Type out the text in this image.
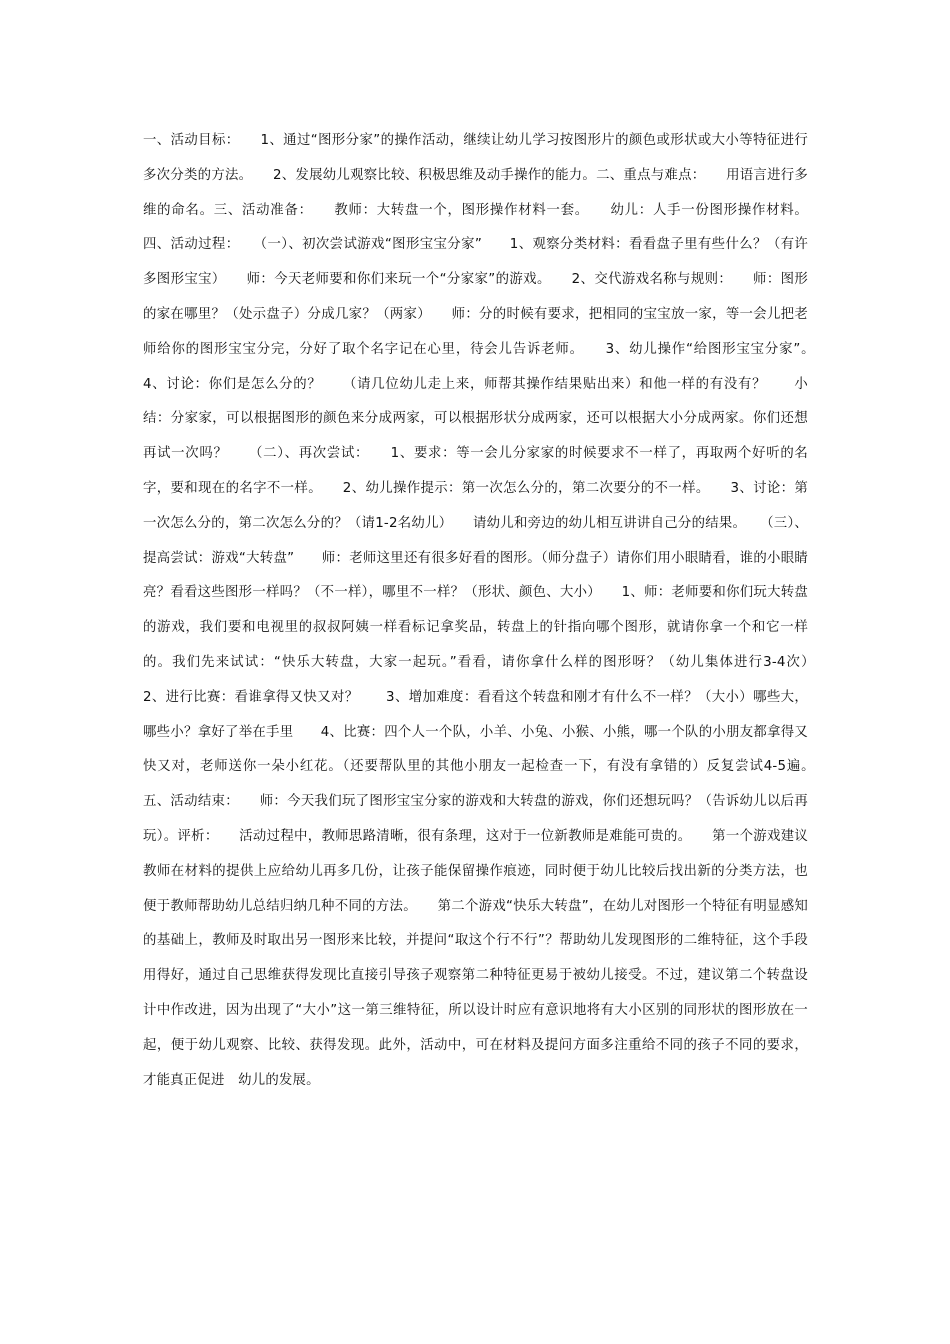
一、活动目标：　　1、通过“图形分家”的操作活动，继续让幼儿学习按图形片的颜色或形状或大小等特征进行多次分类的方法。　　2、发展幼儿观察比较、积极思维及动手操作的能力。二、重点与难点：　　用语言进行多维的命名。三、活动准备：　　教师：大转盘一个，图形操作材料一套。　　幼儿：人手一份图形操作材料。四、活动过程：　　（一）、初次尝试游戏“图形宝宝分家”　　1、观察分类材料：看看盘子里有些什么？（有许多图形宝宝）　　师：今天老师要和你们来玩一个“分家家”的游戏。　　2、交代游戏名称与规则：　　师：图形的家在哪里？（处示盘子）分成几家？（两家）　　师：分的时候有要求，把相同的宝宝放一家，等一会儿把老师给你的图形宝宝分完，分好了取个名字记在心里，待会儿告诉老师。　　3、幼儿操作“给图形宝宝分家”。　　4、讨论：你们是怎么分的？　　（请几位幼儿走上来，师帮其操作结果贴出来）和他一样的有没有？　　小结：分家家，可以根据图形的颜色来分成两家，可以根据形状分成两家，还可以根据大小分成两家。你们还想再试一次吗？　　（二）、再次尝试：　　1、要求：等一会儿分家家的时候要求不一样了，再取两个好听的名字，要和现在的名字不一样。　　2、幼儿操作提示：第一次怎么分的，第二次要分的不一样。　　3、讨论：第一次怎么分的，第二次怎么分的？（请1-2名幼儿）　　请幼儿和旁边的幼儿相互讲讲自己分的结果。　　（三）、提高尝试：游戏“大转盘”　　师：老师这里还有很多好看的图形。（师分盘子）请你们用小眼睛看，谁的小眼睛亮？看看这些图形一样吗？（不一样），哪里不一样？（形状、颜色、大小）　　1、师：老师要和你们玩大转盘的游戏，我们要和电视里的叔叔阿姨一样看标记拿奖品，转盘上的针指向哪个图形，就请你拿一个和它一样的。我们先来试试：“快乐大转盘，大家一起玩。”看看，请你拿什么样的图形呀？（幼儿集体进行3-4次）　　2、进行比赛：看谁拿得又快又对？　　3、增加难度：看看这个转盘和刚才有什么不一样？（大小）哪些大，哪些小？拿好了举在手里　　4、比赛：四个人一个队，小羊、小兔、小猴、小熊，哪一个队的小朋友都拿得又快又对，老师送你一朵小红花。（还要帮队里的其他小朋友一起检查一下，有没有拿错的）反复尝试4-5遍。　　五、活动结束：　　师：今天我们玩了图形宝宝分家的游戏和大转盘的游戏，你们还想玩吗？（告诉幼儿以后再玩）。评析：　　活动过程中，教师思路清晰，很有条理，这对于一位新教师是难能可贵的。　　第一个游戏建议教师在材料的提供上应给幼儿再多几份，让孩子能保留操作痕迹，同时便于幼儿比较后找出新的分类方法，也便于教师帮助幼儿总结归纳几种不同的方法。　　第二个游戏“快乐大转盘”，在幼儿对图形一个特征有明显感知的基础上，教师及时取出另一图形来比较，并提问“取这个行不行”？帮助幼儿发现图形的二维特征，这个手段用得好，通过自己思维获得发现比直接引导孩子观察第二种特征更易于被幼儿接受。不过，建议第二个转盘设计中作改进，因为出现了“大小”这一第三维特征，所以设计时应有意识地将有大小区别的同形状的图形放在一起，便于幼儿观察、比较、获得发现。此外，活动中，可在材料及提问方面多注重给不同的孩子不同的要求，才能真正促进　幼儿的发展。
